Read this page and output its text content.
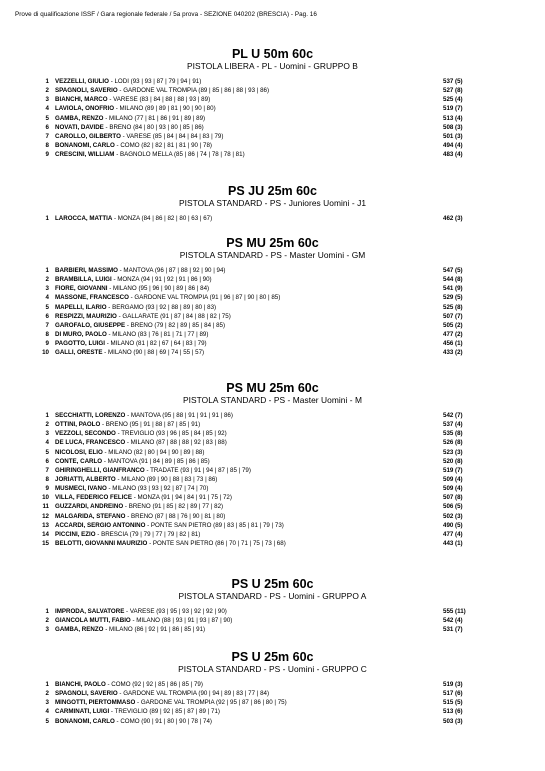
Prove di qualificazione ISSF / Gara regionale federale / 5a prova - SEZIONE 040202 (BRESCIA) - Pag. 16
PL U 50m 60c
PISTOLA LIBERA - PL - Uomini - GRUPPO B
1 VEZZELLI, GIULIO - LODI (93 | 93 | 87 | 79 | 94 | 91)	537 (5)
2 SPAGNOLI, SAVERIO - GARDONE VAL TROMPIA (89 | 85 | 86 | 88 | 93 | 86)	527 (8)
3 BIANCHI, MARCO - VARESE (83 | 84 | 88 | 88 | 93 | 89)	525 (4)
4 LAVIOLA, ONOFRIO - MILANO (89 | 89 | 81 | 90 | 90 | 80)	519 (7)
5 GAMBA, RENZO - MILANO (77 | 81 | 86 | 91 | 89 | 89)	513 (4)
6 NOVATI, DAVIDE - BRENO (84 | 80 | 93 | 80 | 85 | 86)	508 (3)
7 CAROLLO, GILBERTO - VARESE (85 | 84 | 84 | 84 | 83 | 79)	501 (3)
8 BONANOMI, CARLO - COMO (82 | 82 | 81 | 81 | 90 | 78)	494 (4)
9 CRESCINI, WILLIAM - BAGNOLO MELLA (85 | 86 | 74 | 78 | 78 | 81)	483 (4)
PS JU 25m 60c
PISTOLA STANDARD - PS - Juniores Uomini - J1
1 LAROCCA, MATTIA - MONZA (84 | 86 | 82 | 80 | 63 | 67)	462 (3)
PS MU 25m 60c
PISTOLA STANDARD - PS - Master Uomini - GM
1 BARBIERI, MASSIMO - MANTOVA (96 | 87 | 88 | 92 | 90 | 94)	547 (5)
2 BRAMBILLA, LUIGI - MONZA (94 | 91 | 92 | 91 | 86 | 90)	544 (8)
3 FIORE, GIOVANNI - MILANO (95 | 96 | 90 | 89 | 86 | 84)	541 (9)
4 MASSONE, FRANCESCO - GARDONE VAL TROMPIA (91 | 96 | 87 | 90 | 80 | 85)	529 (5)
5 MAPELLI, ILARIO - BERGAMO (93 | 92 | 88 | 89 | 80 | 83)	525 (8)
6 RESPIZZI, MAURIZIO - GALLARATE (91 | 87 | 84 | 88 | 82 | 75)	507 (7)
7 GAROFALO, GIUSEPPE - BRENO (79 | 82 | 89 | 85 | 84 | 85)	505 (2)
8 DI MURO, PAOLO - MILANO (83 | 76 | 81 | 71 | 77 | 89)	477 (2)
9 PAGOTTO, LUIGI - MILANO (81 | 82 | 67 | 64 | 83 | 79)	456 (1)
10 GALLI, ORESTE - MILANO (90 | 88 | 69 | 74 | 55 | 57)	433 (2)
PS MU 25m 60c
PISTOLA STANDARD - PS - Master Uomini - M
1 SECCHIATTI, LORENZO - MANTOVA (95 | 88 | 91 | 91 | 91 | 86)	542 (7)
2 OTTINI, PAOLO - BRENO (95 | 91 | 88 | 87 | 85 | 91)	537 (4)
3 VEZZOLI, SECONDO - TREVIGLIO (93 | 96 | 85 | 84 | 85 | 92)	535 (8)
4 DE LUCA, FRANCESCO - MILANO (87 | 88 | 88 | 92 | 83 | 88)	526 (8)
5 NICOLOSI, ELIO - MILANO (82 | 80 | 94 | 90 | 89 | 88)	523 (3)
6 CONTE, CARLO - MANTOVA (91 | 84 | 89 | 85 | 86 | 85)	520 (8)
7 GHIRINGHELLI, GIANFRANCO - TRADATE (93 | 91 | 94 | 87 | 85 | 79)	519 (7)
8 JORIATTI, ALBERTO - MILANO (89 | 90 | 88 | 83 | 73 | 86)	509 (4)
9 MUSMECI, IVANO - MILANO (93 | 93 | 92 | 87 | 74 | 70)	509 (4)
10 VILLA, FEDERICO FELICE - MONZA (91 | 94 | 84 | 91 | 75 | 72)	507 (8)
11 GUZZARDI, ANDREINO - BRENO (91 | 85 | 82 | 89 | 77 | 82)	506 (5)
12 MALGARIDA, STEFANO - BRENO (87 | 88 | 76 | 90 | 81 | 80)	502 (3)
13 ACCARDI, SERGIO ANTONINO - PONTE SAN PIETRO (89 | 83 | 85 | 81 | 79 | 73)	490 (5)
14 PICCINI, EZIO - BRESCIA (79 | 79 | 77 | 79 | 82 | 81)	477 (4)
15 BELOTTI, GIOVANNI MAURIZIO - PONTE SAN PIETRO (86 | 70 | 71 | 75 | 73 | 68)	443 (1)
PS U 25m 60c
PISTOLA STANDARD - PS - Uomini - GRUPPO A
1 IMPRODA, SALVATORE - VARESE (93 | 95 | 93 | 92 | 92 | 90)	555 (11)
2 GIANCOLA MUTTI, FABIO - MILANO (88 | 93 | 91 | 93 | 87 | 90)	542 (4)
3 GAMBA, RENZO - MILANO (86 | 92 | 91 | 86 | 85 | 91)	531 (7)
PS U 25m 60c
PISTOLA STANDARD - PS - Uomini - GRUPPO C
1 BIANCHI, PAOLO - COMO (92 | 92 | 85 | 86 | 85 | 79)	519 (3)
2 SPAGNOLI, SAVERIO - GARDONE VAL TROMPIA (90 | 94 | 89 | 83 | 77 | 84)	517 (6)
3 MINGOTTI, PIERTOMMASO - GARDONE VAL TROMPIA (92 | 95 | 87 | 86 | 80 | 75)	515 (5)
4 CARMINATI, LUIGI - TREVIGLIO (89 | 92 | 85 | 87 | 89 | 71)	513 (6)
5 BONANOMI, CARLO - COMO (90 | 91 | 80 | 90 | 78 | 74)	503 (3)
